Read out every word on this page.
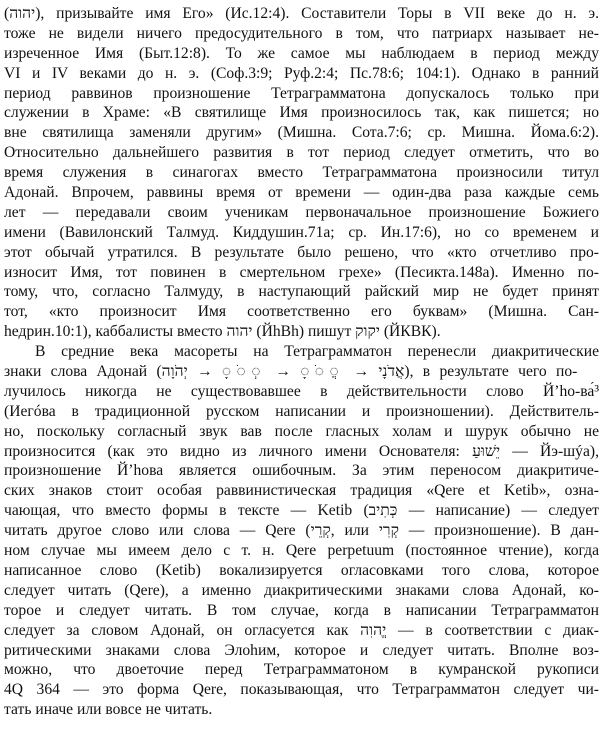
(יהוה), призывайте имя Его» (Ис.12:4). Составители Торы в VII веке до н. э.
тоже не видели ничего предосудительного в том, что патриарх называет не-
изреченное Имя (Быт.12:8). То же самое мы наблюдаем в период между
VI и IV веками до н. э. (Соф.3:9; Руф.2:4; Пс.78:6; 104:1). Однако в ранний
период раввинов произношение Тетраграмматона допускалось только при
служении в Храме: «В святилище Имя произносилось так, как пишется; но
вне святилища заменяли другим» (Мишна. Сота.7:6; ср. Мишна. Йома.6:2).
Относительно дальнейшего развития в тот период следует отметить, что во
время служения в синагогах вместо Тетраграмматона произносили титул
Адонай. Впрочем, раввины время от времени — один-два раза каждые семь
лет — передавали своим ученикам первоначальное произношение Божиего
имени (Вавилонский Талмуд. Киддушин.71а; ср. Ин.17:6), но со временем и
этот обычай утратился. В результате было решено, что «кто отчетливо про-
износит Имя, тот повинен в смертельном грехе» (Песикта.148а). Именно по-
тому, что, согласно Талмуду, в наступающий райский мир не будет принят
тот, «кто произносит Имя соответственно его буквам» (Мишна. Сан-
hедрин.10:1), каббалисты вместо יהוה (ЙhВh) пишут יקוק (ЙКВК).
В средние века масореты на Тетраграмматон перенесли диакритические
знаки слова Адонай (אֲדֹנָי → ◌ֲ◌ֹ◌ָ → ◌ְ◌ֹ◌ָ → יְהֹוָה), в результате чего по-
лучилось никогда не существовавшее в действительности слово Йʼho-ва́³
(Иегóва в традиционной русском написании и произношении). Действитель-
но, поскольку согласный звук вав после гласных холам и шурук обычно не
произносится (как это видно из личного имени Основателя: יֵשׁוּעַ — Йэ-шýа),
произношение Йʼhова является ошибочным. За этим переносом диакритиче-
ских знаков стоит особая раввинистическая традиция «Qere et Ketib», озна-
чающая, что вместо формы в тексте — Ketib (כְּתִיב — написание) — следует
читать другое слово или слова — Qere (קְרֵי, или קְרִי — произношение). В дан-
ном случае мы имеем дело с т. н. Qere perpetuum (постоянное чтение), когда
написанное слово (Ketib) вокализируется огласовками того слова, которое
следует читать (Qere), а именно диакритическими знаками слова Адонай, ко-
торое и следует читать. В том случае, когда в написании Тетраграмматон
следует за словом Адонай, он огласуется как יֱהוִה — в соответствии с диак-
ритическими знаками слова Элоhим, которое и следует читать. Вполне воз-
можно, что двоеточие перед Тетраграмматоном в кумранской рукописи
4Q 364 — это форма Qere, показывающая, что Тетраграмматон следует чи-
тать иначе или вовсе не читать.
